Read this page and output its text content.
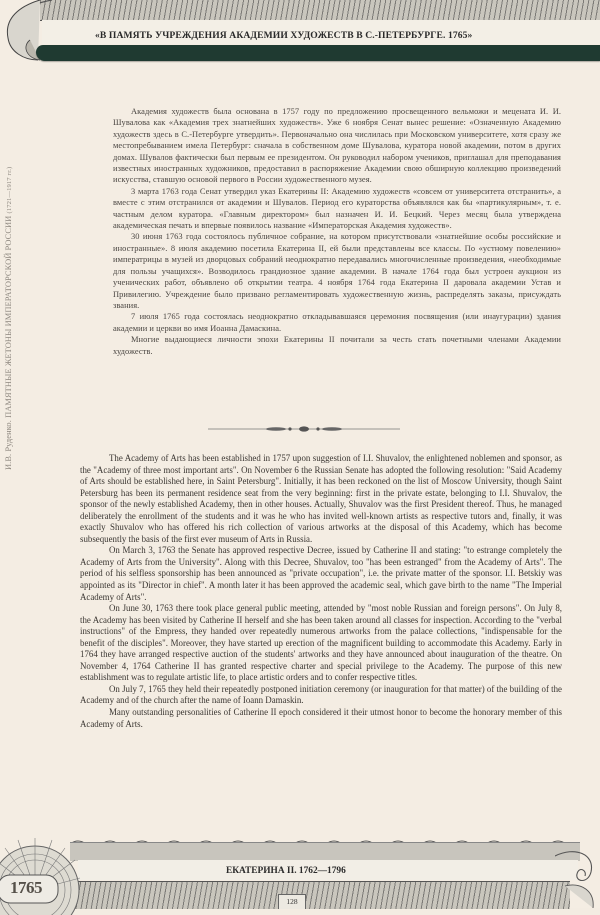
«В ПАМЯТЬ УЧРЕЖДЕНИЯ АКАДЕМИИ ХУДОЖЕСТВ В С.-ПЕТЕРБУРГЕ. 1765»
И.В. Руденко. ПАМЯТНЫЕ ЖЕТОНЫ ИМПЕРАТОРСКОЙ РОССИИ (1721—1917 гг.)

Академия художеств была основана в 1757 году по предложению просвещенного вельможи и мецената И. И. Шувалова как «Академия трех знатнейших художеств». Уже 6 ноября Сенат вынес решение: «Означенную Академию художеств здесь в С.-Петербурге утвердить». Первоначально она числилась при Московском университете, хотя сразу же местопребыванием имела Петербург: сначала в собственном доме Шувалова, куратора новой академии, потом в других домах. Шувалов фактически был первым ее президентом. Он руководил набором учеников, приглашал для преподавания известных иностранных художников, предоставил в распоряжение Академии свою обширную коллекцию произведений искусства, ставшую основой первого в России художественного музея.

3 марта 1763 года Сенат утвердил указ Екатерины II: Академию художеств «совсем от университета отстранить», а вместе с этим отстранился от академии и Шувалов. Период его кураторства объявлялся как бы «партикулярным», т. е. частным делом куратора. «Главным директором» был назначен И. И. Бецкий. Через месяц была утверждена академическая печать и впервые появилось название «Императорская Академия художеств».

30 июня 1763 года состоялось публичное собрание, на котором присутствовали «знатнейшие особы российские и иностранные». 8 июля академию посетила Екатерина II, ей были представлены все классы. По «устному повелению» императрицы в музей из дворцовых собраний неоднократно передавались многочисленные произведения, «необходимые для пользы учащихся». Возводилось грандиозное здание академии. В начале 1764 года был устроен аукцион из ученических работ, объявлено об открытии театра. 4 ноября 1764 года Екатерина II даровала академии Устав и Привилегию. Учреждение было призвано регламентировать художественную жизнь, распределять заказы, присуждать звания.

7 июля 1765 года состоялась неоднократно откладывавшаяся церемония посвящения (или инаугурации) здания академии и церкви во имя Иоанна Дамаскина.

Многие выдающиеся личности эпохи Екатерины II почитали за честь стать почетными членами Академии художеств.

The Academy of Arts has been established in 1757 upon suggestion of I.I. Shuvalov, the enlightened noblemen and sponsor, as the "Academy of three most important arts". On November 6 the Russian Senate has adopted the following resolution: "Said Academy of Arts should be established here, in Saint Petersburg". Initially, it has been reckoned on the list of Moscow University, though Saint Petersburg has been its permanent residence seat from the very beginning: first in the private estate, belonging to I.I. Shuvalov, the sponsor of the newly established Academy, then in other houses. Actually, Shuvalov was the first President thereof. Thus, he managed deliberately the enrollment of the students and it was he who has invited well-known artists as respective tutors and, finally, it was exactly Shuvalov who has offered his rich collection of various artworks at the disposal of this Academy, which has become subsequently the basis of the first ever museum of Arts in Russia.

On March 3, 1763 the Senate has approved respective Decree, issued by Catherine II and stating: "to estrange completely the Academy of Arts from the University". Along with this Decree, Shuvalov, too "has been estranged" from the Academy of Arts". The period of his selfless sponsorship has been announced as "private occupation", i.e. the private matter of the sponsor. I.I. Betskiy was appointed as its "Director in chief". A month later it has been approved the academic seal, which gave birth to the name "The Imperial Academy of Arts".

On June 30, 1763 there took place general public meeting, attended by "most noble Russian and foreign persons". On July 8, the Academy has been visited by Catherine II herself and she has been taken around all classes for inspection. According to the "verbal instructions" of the Empress, they handed over repeatedly numerous artworks from the palace collections, "indispensable for the benefit of the disciples". Moreover, they have started up erection of the magnificent building to accommodate this Academy. Early in 1764 they have arranged respective auction of the students' artworks and they have announced about inauguration of the theatre. On November 4, 1764 Catherine II has granted respective charter and special privilege to the Academy. The purpose of this new establishment was to regulate artistic life, to place artistic orders and to confer respective titles.

On July 7, 1765 they held their repeatedly postponed initiation ceremony (or inauguration for that matter) of the building of the Academy and of the church after the name of Ioann Damaskin.

Many outstanding personalities of Catherine II epoch considered it their utmost honor to become the honorary member of this Academy of Arts.

ЕКАТЕРИНА II. 1762—1796
128
1765
